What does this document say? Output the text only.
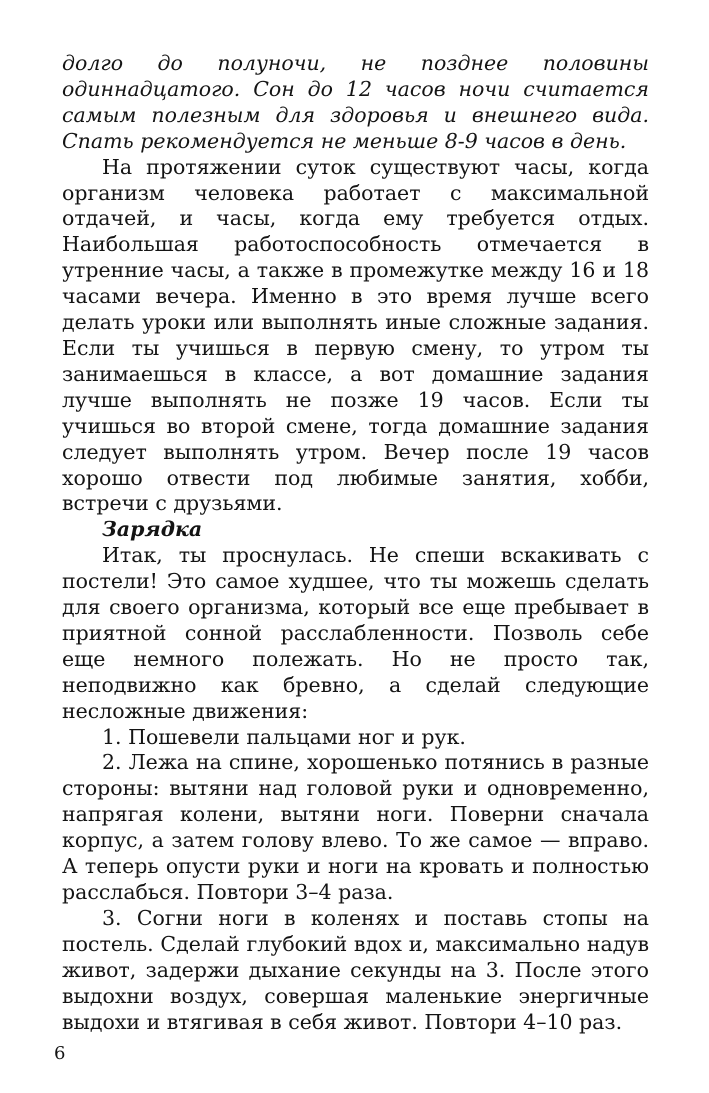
долго до полуночи, не позднее половины одиннадцатого. Сон до 12 часов ночи считается самым полезным для здоровья и внешнего вида. Спать рекомендуется не меньше 8-9 часов в день.

На протяжении суток существуют часы, когда организм человека работает с максимальной отдачей, и часы, когда ему требуется отдых. Наибольшая работоспособность отмечается в утренние часы, а также в промежутке между 16 и 18 часами вечера. Именно в это время лучше всего делать уроки или выполнять иные сложные задания. Если ты учишься в первую смену, то утром ты занимаешься в классе, а вот домашние задания лучше выполнять не позже 19 часов. Если ты учишься во второй смене, тогда домашние задания следует выполнять утром. Вечер после 19 часов хорошо отвести под любимые занятия, хобби, встречи с друзьями.

Зарядка

Итак, ты проснулась. Не спеши вскакивать с постели! Это самое худшее, что ты можешь сделать для своего организма, который все еще пребывает в приятной сонной расслабленности. Позволь себе еще немного полежать. Но не просто так, неподвижно как бревно, а сделай следующие несложные движения:

1. Пошевели пальцами ног и рук.

2. Лежа на спине, хорошенько потянись в разные стороны: вытяни над головой руки и одновременно, напрягая колени, вытяни ноги. Поверни сначала корпус, а затем голову влево. То же самое — вправо. А теперь опусти руки и ноги на кровать и полностью расслабься. Повтори 3–4 раза.

3. Согни ноги в коленях и поставь стопы на постель. Сделай глубокий вдох и, максимально надув живот, задержи дыхание секунды на 3. После этого выдохни воздух, совершая маленькие энергичные выдохи и втягивая в себя живот. Повтори 4–10 раз.

6
